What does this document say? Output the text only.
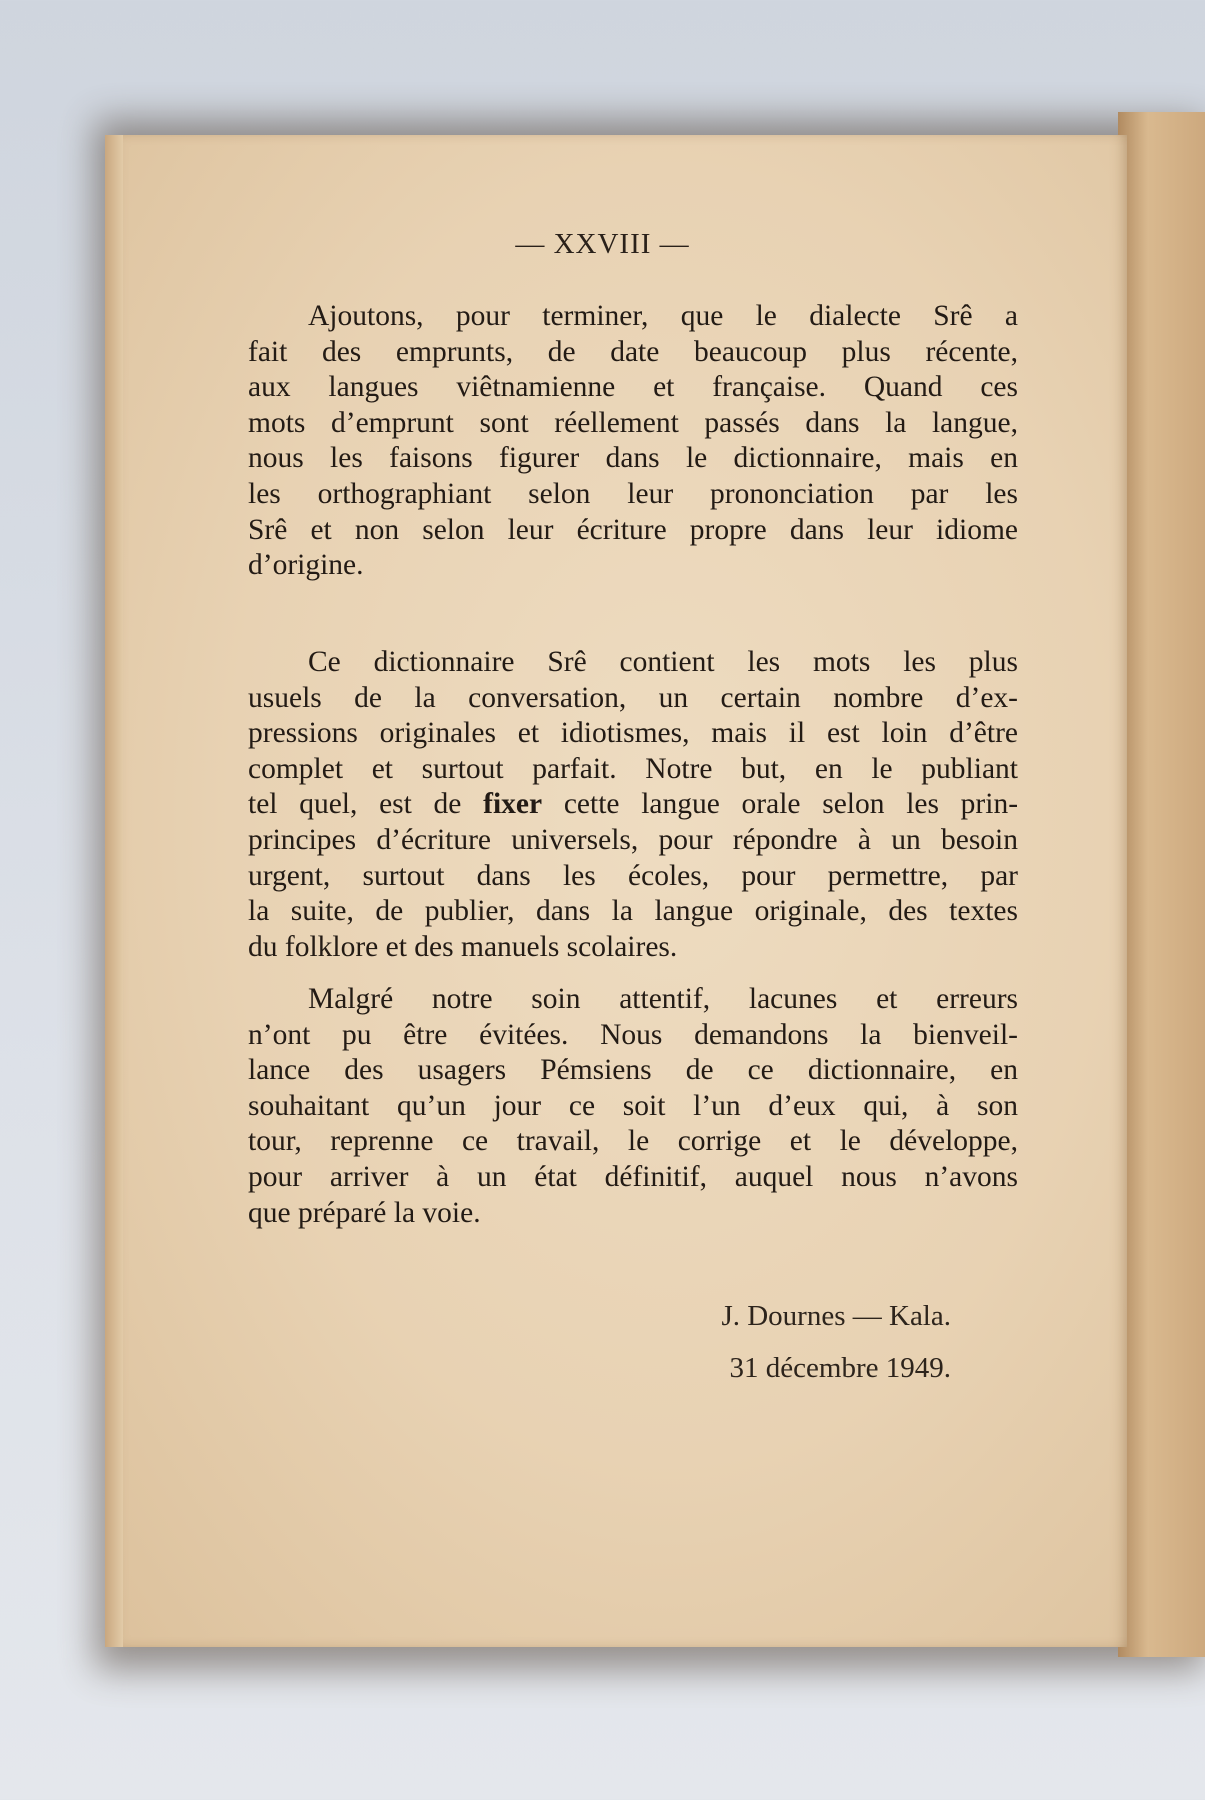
— XXVIII —
Ajoutons, pour terminer, que le dialecte Srê a
fait des emprunts, de date beaucoup plus récente,
aux langues viêtnamienne et française. Quand ces
mots d’emprunt sont réellement passés dans la langue,
nous les faisons figurer dans le dictionnaire, mais en
les orthographiant selon leur prononciation par les
Srê et non selon leur écriture propre dans leur idiome
d’origine.
Ce dictionnaire Srê contient les mots les plus
usuels de la conversation, un certain nombre d’ex-
pressions originales et idiotismes, mais il est loin d’être
complet et surtout parfait. Notre but, en le publiant
tel quel, est de fixer cette langue orale selon les prin-
principes d’écriture universels, pour répondre à un besoin
urgent, surtout dans les écoles, pour permettre, par
la suite, de publier, dans la langue originale, des textes
du folklore et des manuels scolaires.
Malgré notre soin attentif, lacunes et erreurs
n’ont pu être évitées. Nous demandons la bienveil-
lance des usagers Pémsiens de ce dictionnaire, en
souhaitant qu’un jour ce soit l’un d’eux qui, à son
tour, reprenne ce travail, le corrige et le développe,
pour arriver à un état définitif, auquel nous n’avons
que préparé la voie.
J. Dournes — Kala.
31 décembre 1949.
